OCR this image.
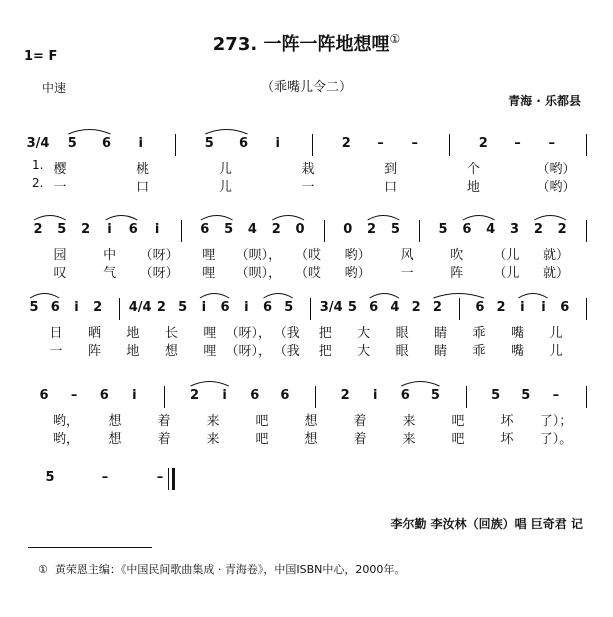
273. 一阵一阵地想哩①
1= F
中速	（乖嘴儿令二）
青海 · 乐都县
3/4 5 6 i	5 6 i	2 – –	2 – –
1. 樱	桃	儿	栽	到	个	（哟）
2. 一	口	儿	一	口	地	（哟）
2 5 2 i 6 i	6 5 4 2 0	0 2 5	5 6 4 3 2 2
园	中 （呀） 哩 （呗）， （哎 哟） 风	吹 （儿 就）
叹	气 （呀） 哩 （呗）， （哎 哟） 一	阵 （儿 就）
5 6 i 2 4/4 2 5 i 6 i 6 5 3/4 5 6 4 2 2	6 2 i i 6
日 晒 地 长 哩 （呀）， （我 把 大 眼 睛 乖 嘴 儿
一 阵 地 想 哩 （呀）， （我 把 大 眼 睛 乖 嘴 儿
6 – 6 i	2 i 6 6	2 i 6 5	5 5 –
哟， 想	着	来	吧	想	着	来	吧	坏 了）；
哟， 想	着	来	吧	想	着	来	吧	坏 了）。
5	–	–
李尔勤 李汝林（回族）唱 巨奇君 记
① 黄荣恩主编：《中国民间歌曲集成 · 青海卷》，中国ISBN中心，2000年。
